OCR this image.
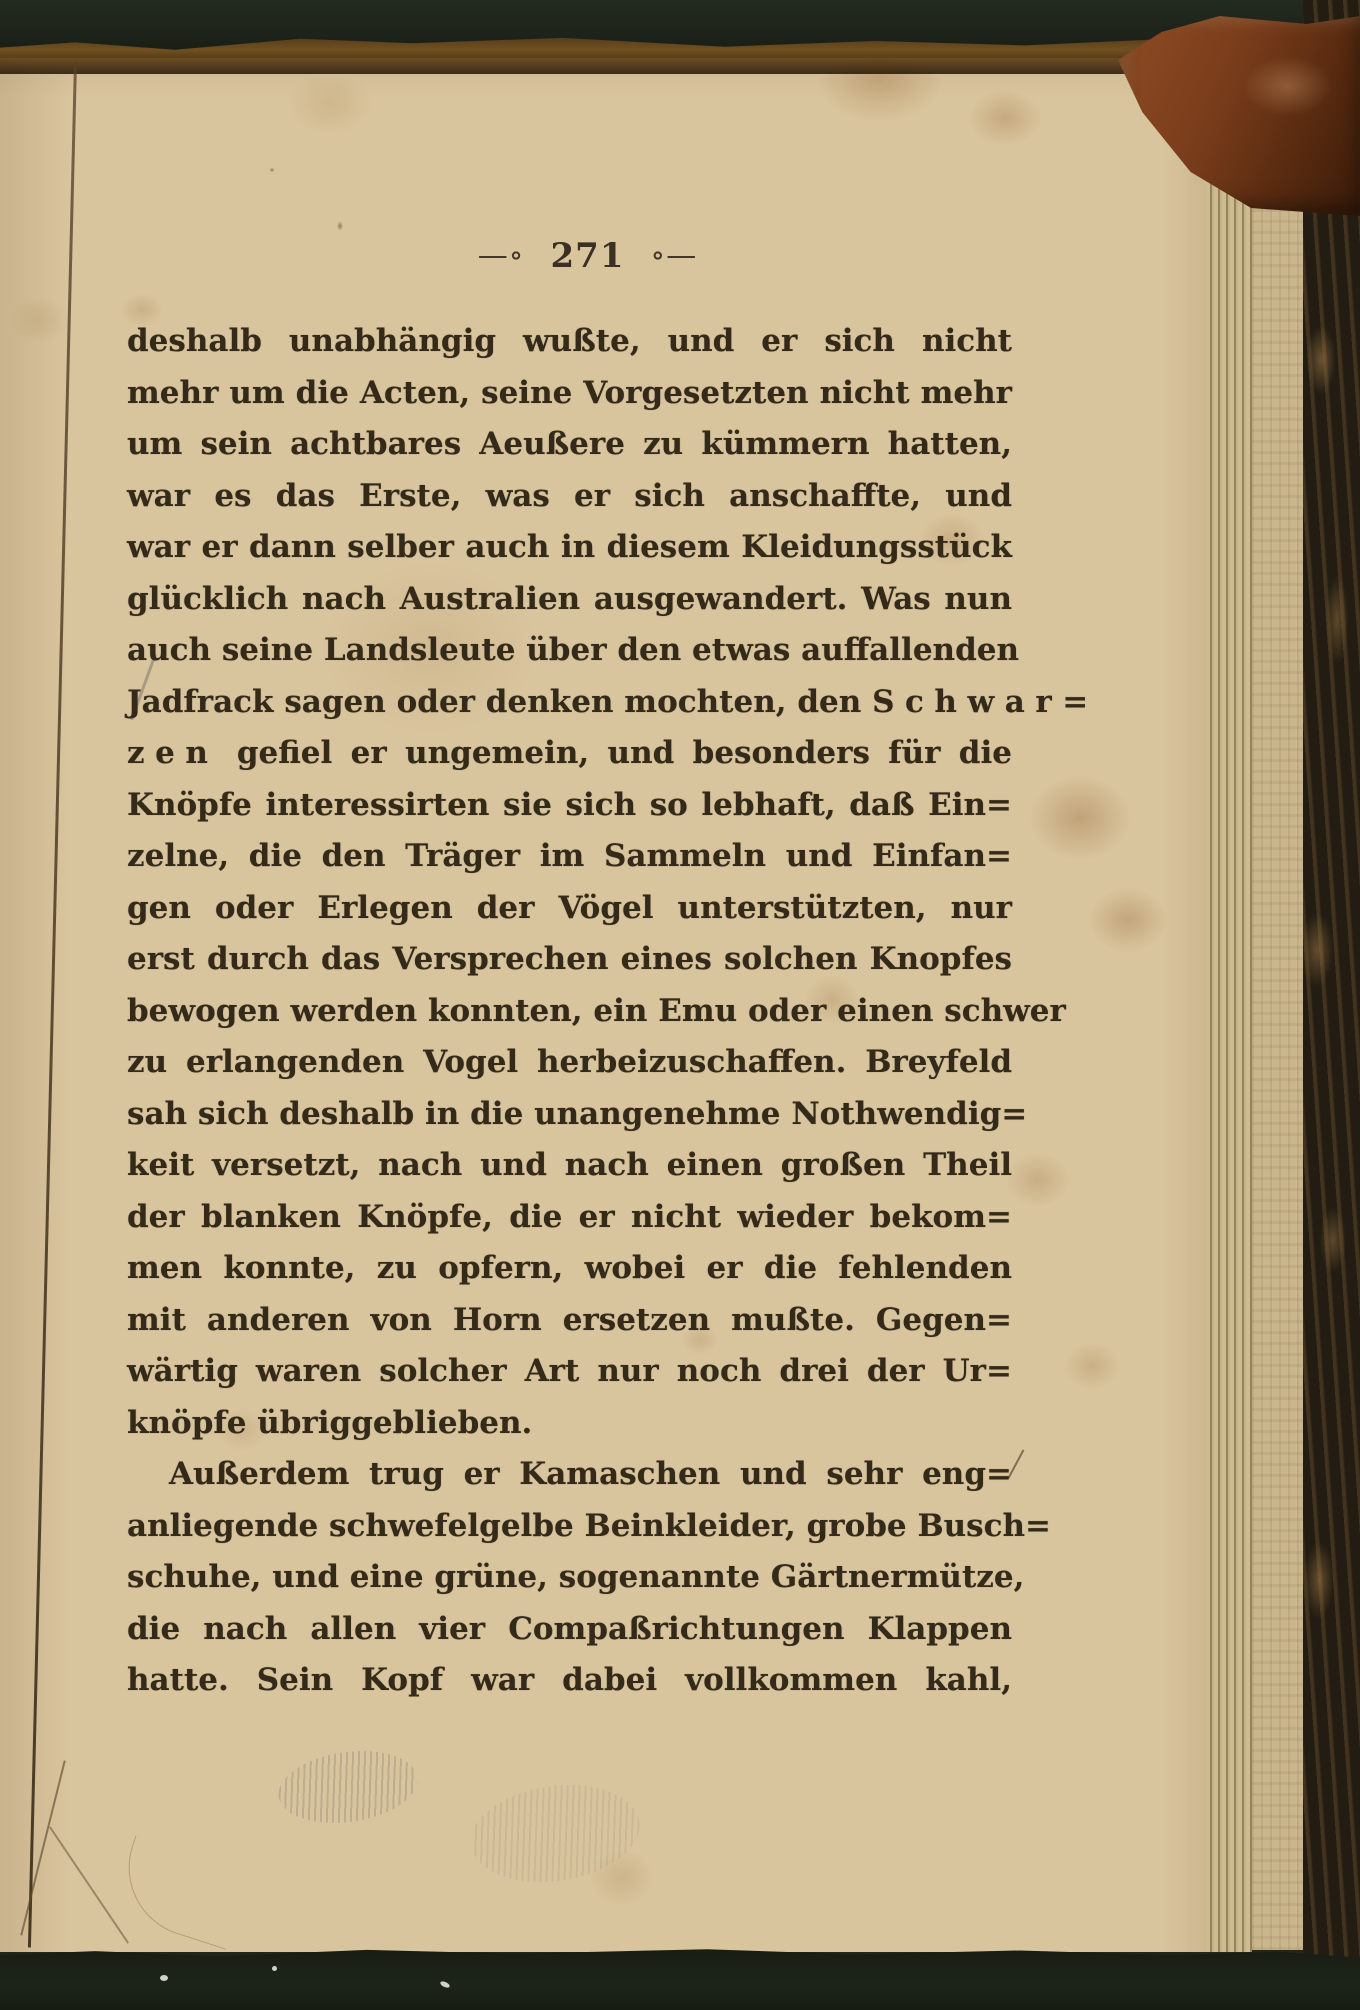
—∘ 271 ∘—
deshalb unabhängig wußte, und er sich nicht
mehr um die Acten, seine Vorgesetzten nicht mehr
um sein achtbares Aeußere zu kümmern hatten,
war es das Erste, was er sich anschaffte, und
war er dann selber auch in diesem Kleidungsstück
glücklich nach Australien ausgewandert. Was nun
auch seine Landsleute über den etwas auffallenden
Jadfrack sagen oder denken mochten, den Schwar=
zen gefiel er ungemein, und besonders für die
Knöpfe interessirten sie sich so lebhaft, daß Ein=
zelne, die den Träger im Sammeln und Einfan=
gen oder Erlegen der Vögel unterstützten, nur
erst durch das Versprechen eines solchen Knopfes
bewogen werden konnten, ein Emu oder einen schwer
zu erlangenden Vogel herbeizuschaffen. Breyfeld
sah sich deshalb in die unangenehme Nothwendig=
keit versetzt, nach und nach einen großen Theil
der blanken Knöpfe, die er nicht wieder bekom=
men konnte, zu opfern, wobei er die fehlenden
mit anderen von Horn ersetzen mußte. Gegen=
wärtig waren solcher Art nur noch drei der Ur=
knöpfe übriggeblieben.
Außerdem trug er Kamaschen und sehr eng=
anliegende schwefelgelbe Beinkleider, grobe Busch=
schuhe, und eine grüne, sogenannte Gärtnermütze,
die nach allen vier Compaßrichtungen Klappen
hatte. Sein Kopf war dabei vollkommen kahl,
